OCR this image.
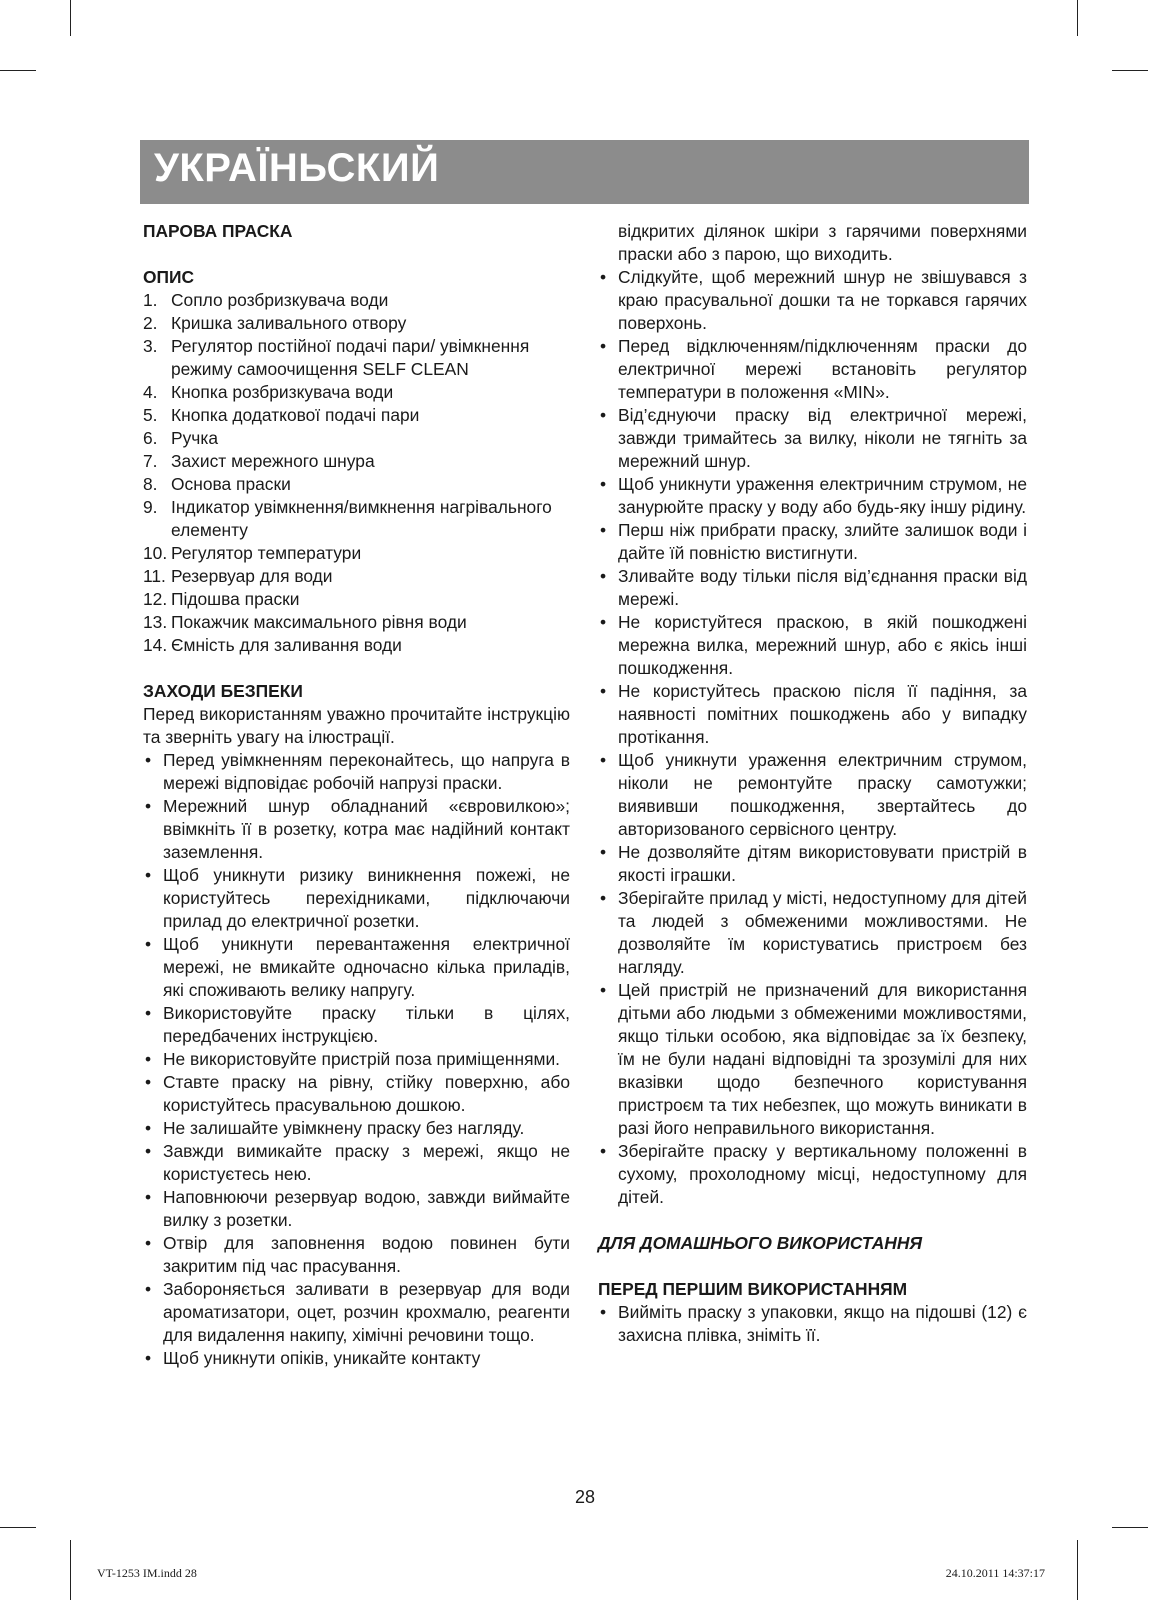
УКРАЇНЬСКИЙ
ПАРОВА ПРАСКА
ОПИС
1. Сопло розбризкувача води
2. Кришка заливального отвору
3. Регулятор постійної подачі пари/ увімкнення режиму самоочищення SELF CLEAN
4. Кнопка розбризкувача води
5. Кнопка додаткової подачі пари
6. Ручка
7. Захист мережного шнура
8. Основа праски
9. Індикатор увімкнення/вимкнення нагрівального елементу
10. Регулятор температури
11. Резервуар для води
12. Підошва праски
13. Покажчик максимального рівня води
14. Ємність для заливання води
ЗАХОДИ БЕЗПЕКИ

Перед використанням уважно прочитайте інструкцію та зверніть увагу на ілюстрації.

• Перед увімкненням переконайтесь, що напруга в мережі відповідає робочій напрузі праски.
• Мережний шнур обладнаний «євровилкою»; ввімкніть її в розетку, котра має надійний контакт заземлення.
• Щоб уникнути ризику виникнення пожежі, не користуйтесь перехідниками, підключаючи прилад до електричної розетки.
• Щоб уникнути перевантаження електричної мережі, не вмикайте одночасно кілька приладів, які споживають велику напругу.
• Використовуйте праску тільки в цілях, передбачених інструкцією.
• Не використовуйте пристрій поза приміщеннями.
• Ставте праску на рівну, стійку поверхню, або користуйтесь прасувальною дошкою.
• Не залишайте увімкнену праску без нагляду.
• Завжди вимикайте праску з мережі, якщо не користуєтесь нею.
• Наповнюючи резервуар водою, завжди виймайте вилку з розетки.
• Отвір для заповнення водою повинен бути закритим під час прасування.
• Забороняється заливати в резервуар для води ароматизатори, оцет, розчин крохмалю, реагенти для видалення накипу, хімічні речовини тощо.
• Щоб уникнути опіків, уникайте контакту
відкритих ділянок шкіри з гарячими поверхнями праски або з парою, що виходить.
• Слідкуйте, щоб мережний шнур не звішувався з краю прасувальної дошки та не торкався гарячих поверхонь.
• Перед відключенням/підключенням праски до електричної мережі встановіть регулятор температури в положення «MIN».
• Від’єднуючи праску від електричної мережі, завжди тримайтесь за вилку, ніколи не тягніть за мережний шнур.
• Щоб уникнути ураження електричним струмом, не занурюйте праску у воду або будь-яку іншу рідину.
• Перш ніж прибрати праску, злийте залишок води і дайте їй повністю вистигнути.
• Зливайте воду тільки після від’єднання праски від мережі.
• Не користуйтеся праскою, в якій пошкоджені мережна вилка, мережний шнур, або є якісь інші пошкодження.
• Не користуйтесь праскою після її падіння, за наявності помітних пошкоджень або у випадку протікання.
• Щоб уникнути ураження електричним струмом, ніколи не ремонтуйте праску самотужки; виявивши пошкодження, звертайтесь до авторизованого сервісного центру.
• Не дозволяйте дітям використовувати пристрій в якості іграшки.
• Зберігайте прилад у місті, недоступному для дітей та людей з обмеженими можливостями. Не дозволяйте їм користуватись пристроєм без нагляду.
• Цей пристрій не призначений для використання дітьми або людьми з обмеженими можливостями, якщо тільки особою, яка відповідає за їх безпеку, їм не були надані відповідні та зрозумілі для них вказівки щодо безпечного користування пристроєм та тих небезпек, що можуть виникати в разі його неправильного використання.
• Зберігайте праску у вертикальному положенні в сухому, прохолодному місці, недоступному для дітей.
ДЛЯ ДОМАШНЬОГО ВИКОРИСТАННЯ
ПЕРЕД ПЕРШИМ ВИКОРИСТАННЯМ
• Вийміть праску з упаковки, якщо на підошві (12) є захисна плівка, зніміть її.
28
VT-1253 IM.indd 28	24.10.2011 14:37:17
